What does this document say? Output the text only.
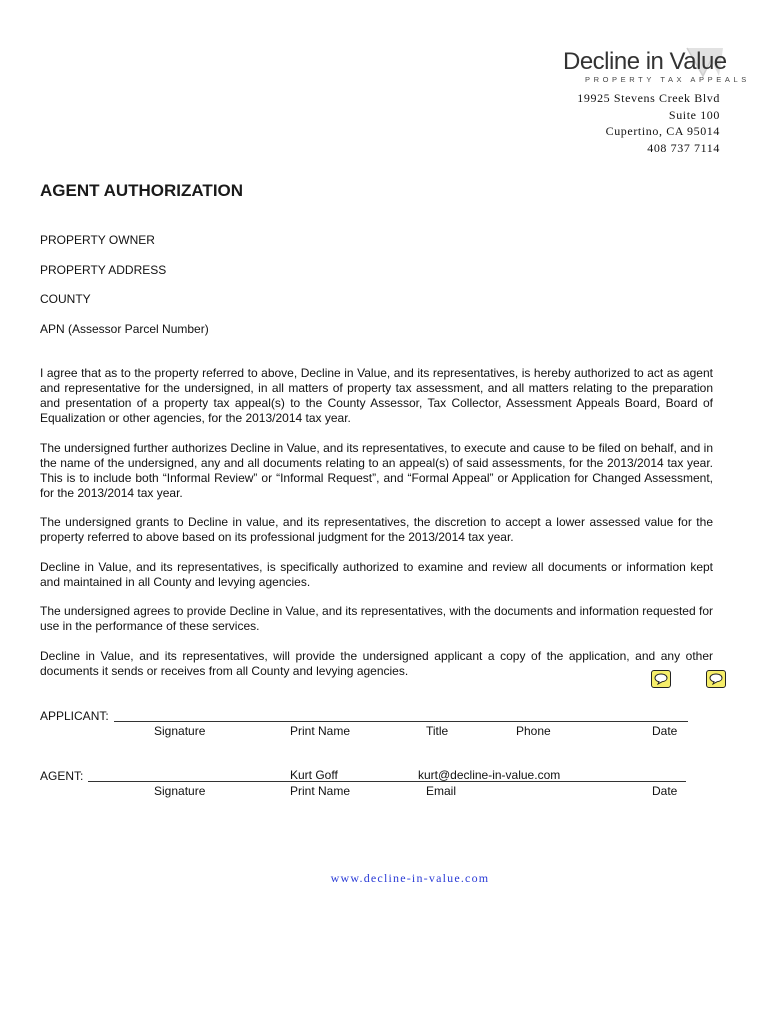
Decline in Value
PROPERTY TAX APPEALS
19925 Stevens Creek Blvd
Suite 100
Cupertino, CA 95014
408 737 7114
AGENT AUTHORIZATION
PROPERTY OWNER
PROPERTY ADDRESS
COUNTY
APN (Assessor Parcel Number)

I agree that as to the property referred to above, Decline in Value, and its representatives, is hereby authorized to act as agent and representative for the undersigned, in all matters of property tax assessment, and all matters relating to the preparation and presentation of a property tax appeal(s) to the County Assessor, Tax Collector, Assessment Appeals Board, Board of Equalization or other agencies, for the 2013/2014 tax year.

The undersigned further authorizes Decline in Value, and its representatives, to execute and cause to be filed on behalf, and in the name of the undersigned, any and all documents relating to an appeal(s) of said assessments, for the 2013/2014 tax year. This is to include both “Informal Review” or “Informal Request”, and “Formal Appeal” or Application for Changed Assessment, for the 2013/2014 tax year.

The undersigned grants to Decline in value, and its representatives, the discretion to accept a lower assessed value for the property referred to above based on its professional judgment for the 2013/2014 tax year.

Decline in Value, and its representatives, is specifically authorized to examine and review all documents or information kept and maintained in all County and levying agencies.

The undersigned agrees to provide Decline in Value, and its representatives, with the documents and information requested for use in the performance of these services.

Decline in Value, and its representatives, will provide the undersigned applicant a copy of the application, and any other documents it sends or receives from all County and levying agencies.

APPLICANT:
Signature	Print Name	Title	Phone	Date
AGENT:	Kurt Goff	kurt@decline-in-value.com
Signature	Print Name	Email	Date
www.decline-in-value.com
